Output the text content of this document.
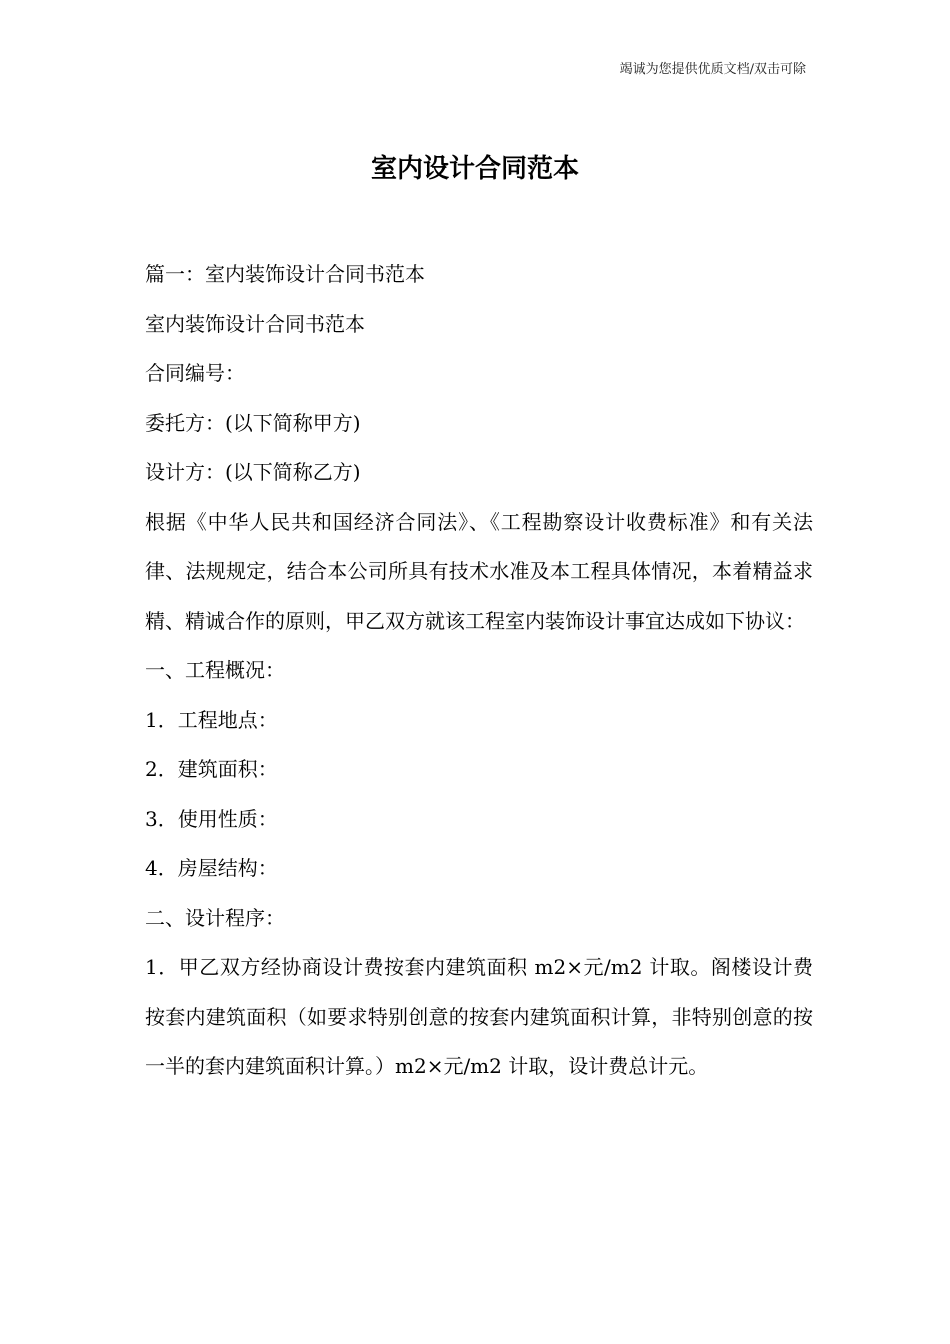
竭诚为您提供优质文档/双击可除
室内设计合同范本

篇一：室内装饰设计合同书范本

室内装饰设计合同书范本

合同编号：

委托方：(以下简称甲方)

设计方：(以下简称乙方)

根据《中华人民共和国经济合同法》、《工程勘察设计收费标准》和有关法律、法规规定，结合本公司所具有技术水准及本工程具体情况，本着精益求精、精诚合作的原则，甲乙双方就该工程室内装饰设计事宜达成如下协议：

一、工程概况：

1．工程地点：

2．建筑面积：

3．使用性质：

4．房屋结构：

二、设计程序：

1．甲乙双方经协商设计费按套内建筑面积 m2×元/m2 计取。阁楼设计费按套内建筑面积（如要求特别创意的按套内建筑面积计算，非特别创意的按一半的套内建筑面积计算。）m2×元/m2 计取，设计费总计元。
